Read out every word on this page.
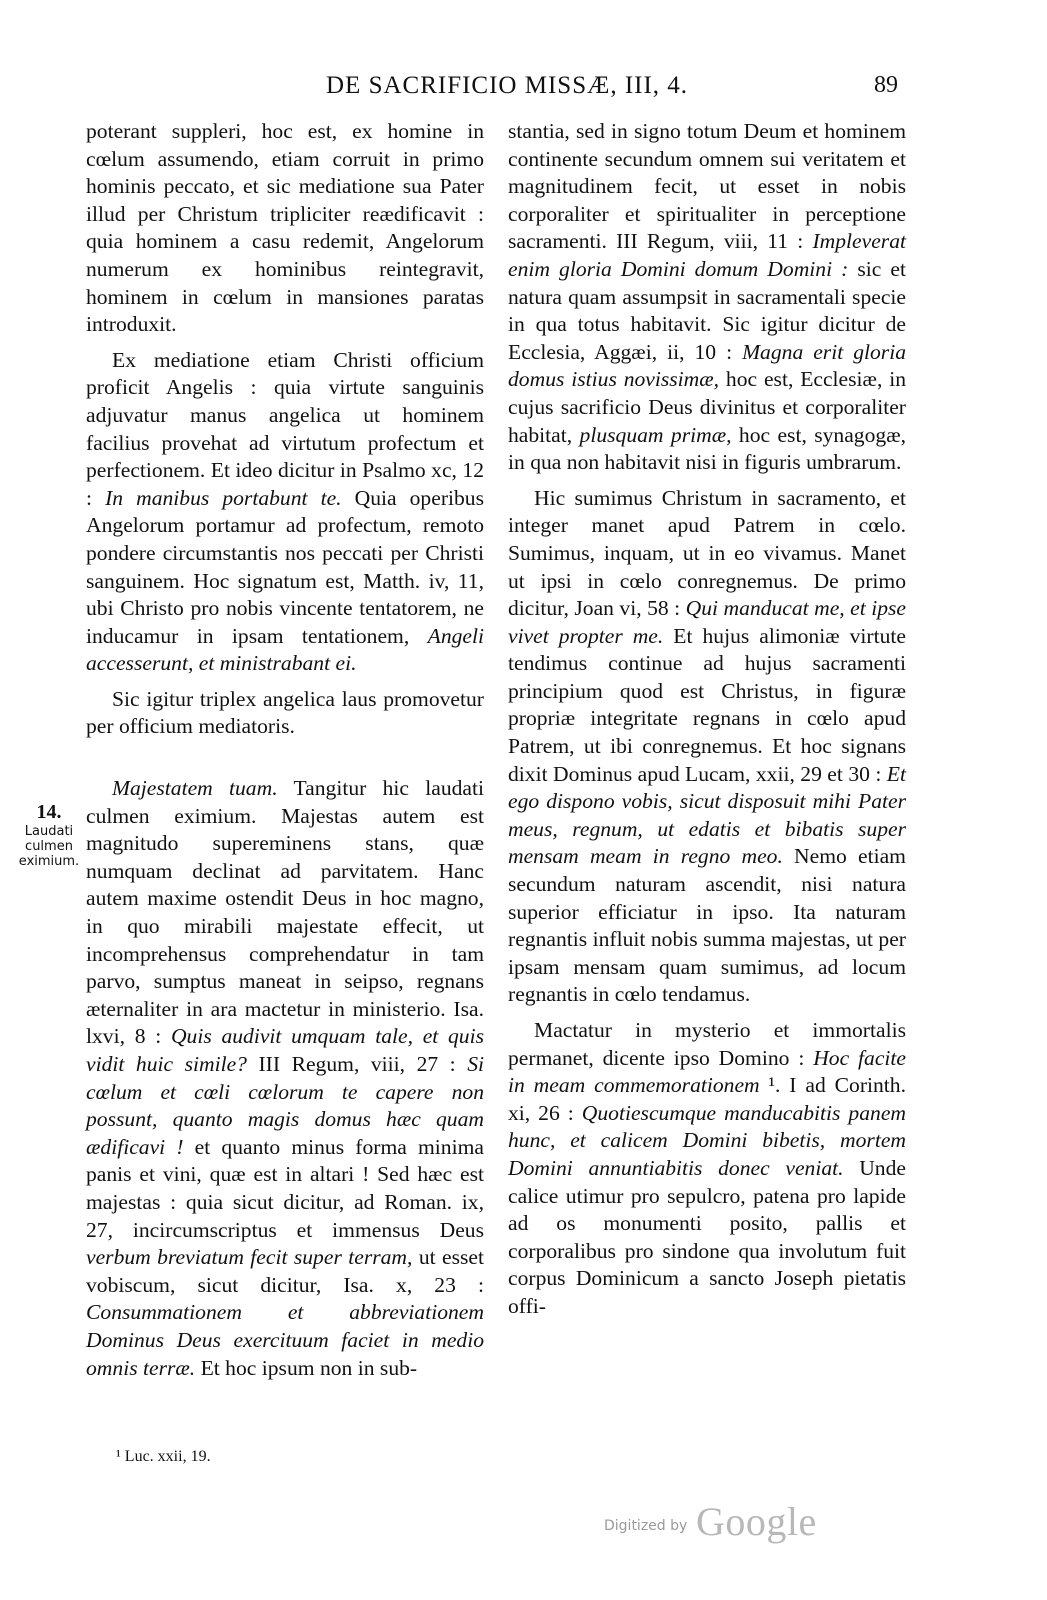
DE SACRIFICIO MISSÆ, III, 4.	89

poterant suppleri, hoc est, ex homine in cœlum assumendo, etiam corruit in primo hominis peccato, et sic mediatione sua Pater illud per Christum tripliciter reædificavit : quia hominem a casu redemit, Angelorum numerum ex hominibus reintegravit, hominem in cœlum in mansiones paratas introduxit.

Ex mediatione etiam Christi officium proficit Angelis : quia virtute sanguinis adjuvatur manus angelica ut hominem facilius provehat ad virtutum profectum et perfectionem. Et ideo dicitur in Psalmo xc, 12 : In manibus portabunt te. Quia operibus Angelorum portamur ad profectum, remoto pondere circumstantis nos peccati per Christi sanguinem. Hoc signatum est, Matth. iv, 11, ubi Christo pro nobis vincente tentatorem, ne inducamur in ipsam tentationem, Angeli accesserunt, et ministrabant ei.

Sic igitur triplex angelica laus promovetur per officium mediatoris.

Majestatem tuam. Tangitur hic laudati culmen eximium. Majestas autem est magnitudo supereminens stans, quæ numquam declinat ad parvitatem. Hanc autem maxime ostendit Deus in hoc magno, in quo mirabili majestate effecit, ut incomprehensus comprehendatur in tam parvo, sumptus maneat in seipso, regnans æternaliter in ara mactetur in ministerio. Isa. lxvi, 8 : Quis audivit umquam tale, et quis vidit huic simile? III Regum, viii, 27 : Si cœlum et cœli cœlorum te capere non possunt, quanto magis domus hæc quam ædificavi ! et quanto minus forma minima panis et vini, quæ est in altari ! Sed hæc est majestas : quia sicut dicitur, ad Roman. ix, 27, incircumscriptus et immensus Deus verbum breviatum fecit super terram, ut esset vobiscum, sicut dicitur, Isa. x, 23 : Consummationem et abbreviationem Dominus Deus exercituum faciet in medio omnis terræ. Et hoc ipsum non in sub-

14.
Laudati
culmen
eximium.

stantia, sed in signo totum Deum et hominem continente secundum omnem sui veritatem et magnitudinem fecit, ut esset in nobis corporaliter et spiritualiter in perceptione sacramenti. III Regum, viii, 11 : Impleverat enim gloria Domini domum Domini : sic et natura quam assumpsit in sacramentali specie in qua totus habitavit. Sic igitur dicitur de Ecclesia, Aggæi, ii, 10 : Magna erit gloria domus istius novissimæ, hoc est, Ecclesiæ, in cujus sacrificio Deus divinitus et corporaliter habitat, plusquam primæ, hoc est, synagogæ, in qua non habitavit nisi in figuris umbrarum.

Hic sumimus Christum in sacramento, et integer manet apud Patrem in cœlo. Sumimus, inquam, ut in eo vivamus. Manet ut ipsi in cœlo conregnemus. De primo dicitur, Joan vi, 58 : Qui manducat me, et ipse vivet propter me. Et hujus alimoniæ virtute tendimus continue ad hujus sacramenti principium quod est Christus, in figuræ propriæ integritate regnans in cœlo apud Patrem, ut ibi conregnemus. Et hoc signans dixit Dominus apud Lucam, xxii, 29 et 30 : Et ego dispono vobis, sicut disposuit mihi Pater meus, regnum, ut edatis et bibatis super mensam meam in regno meo. Nemo etiam secundum naturam ascendit, nisi natura superior efficiatur in ipso. Ita naturam regnantis influit nobis summa majestas, ut per ipsam mensam quam sumimus, ad locum regnantis in cœlo tendamus.

Mactatur in mysterio et immortalis permanet, dicente ipso Domino : Hoc facite in meam commemorationem ¹. I ad Corinth. xi, 26 : Quotiescumque manducabitis panem hunc, et calicem Domini bibetis, mortem Domini annuntiabitis donec veniat. Unde calice utimur pro sepulcro, patena pro lapide ad os monumenti posito, pallis et corporalibus pro sindone qua involutum fuit corpus Dominicum a sancto Joseph pietatis offi-

¹ Luc. xxii, 19.
Digitized by Google
